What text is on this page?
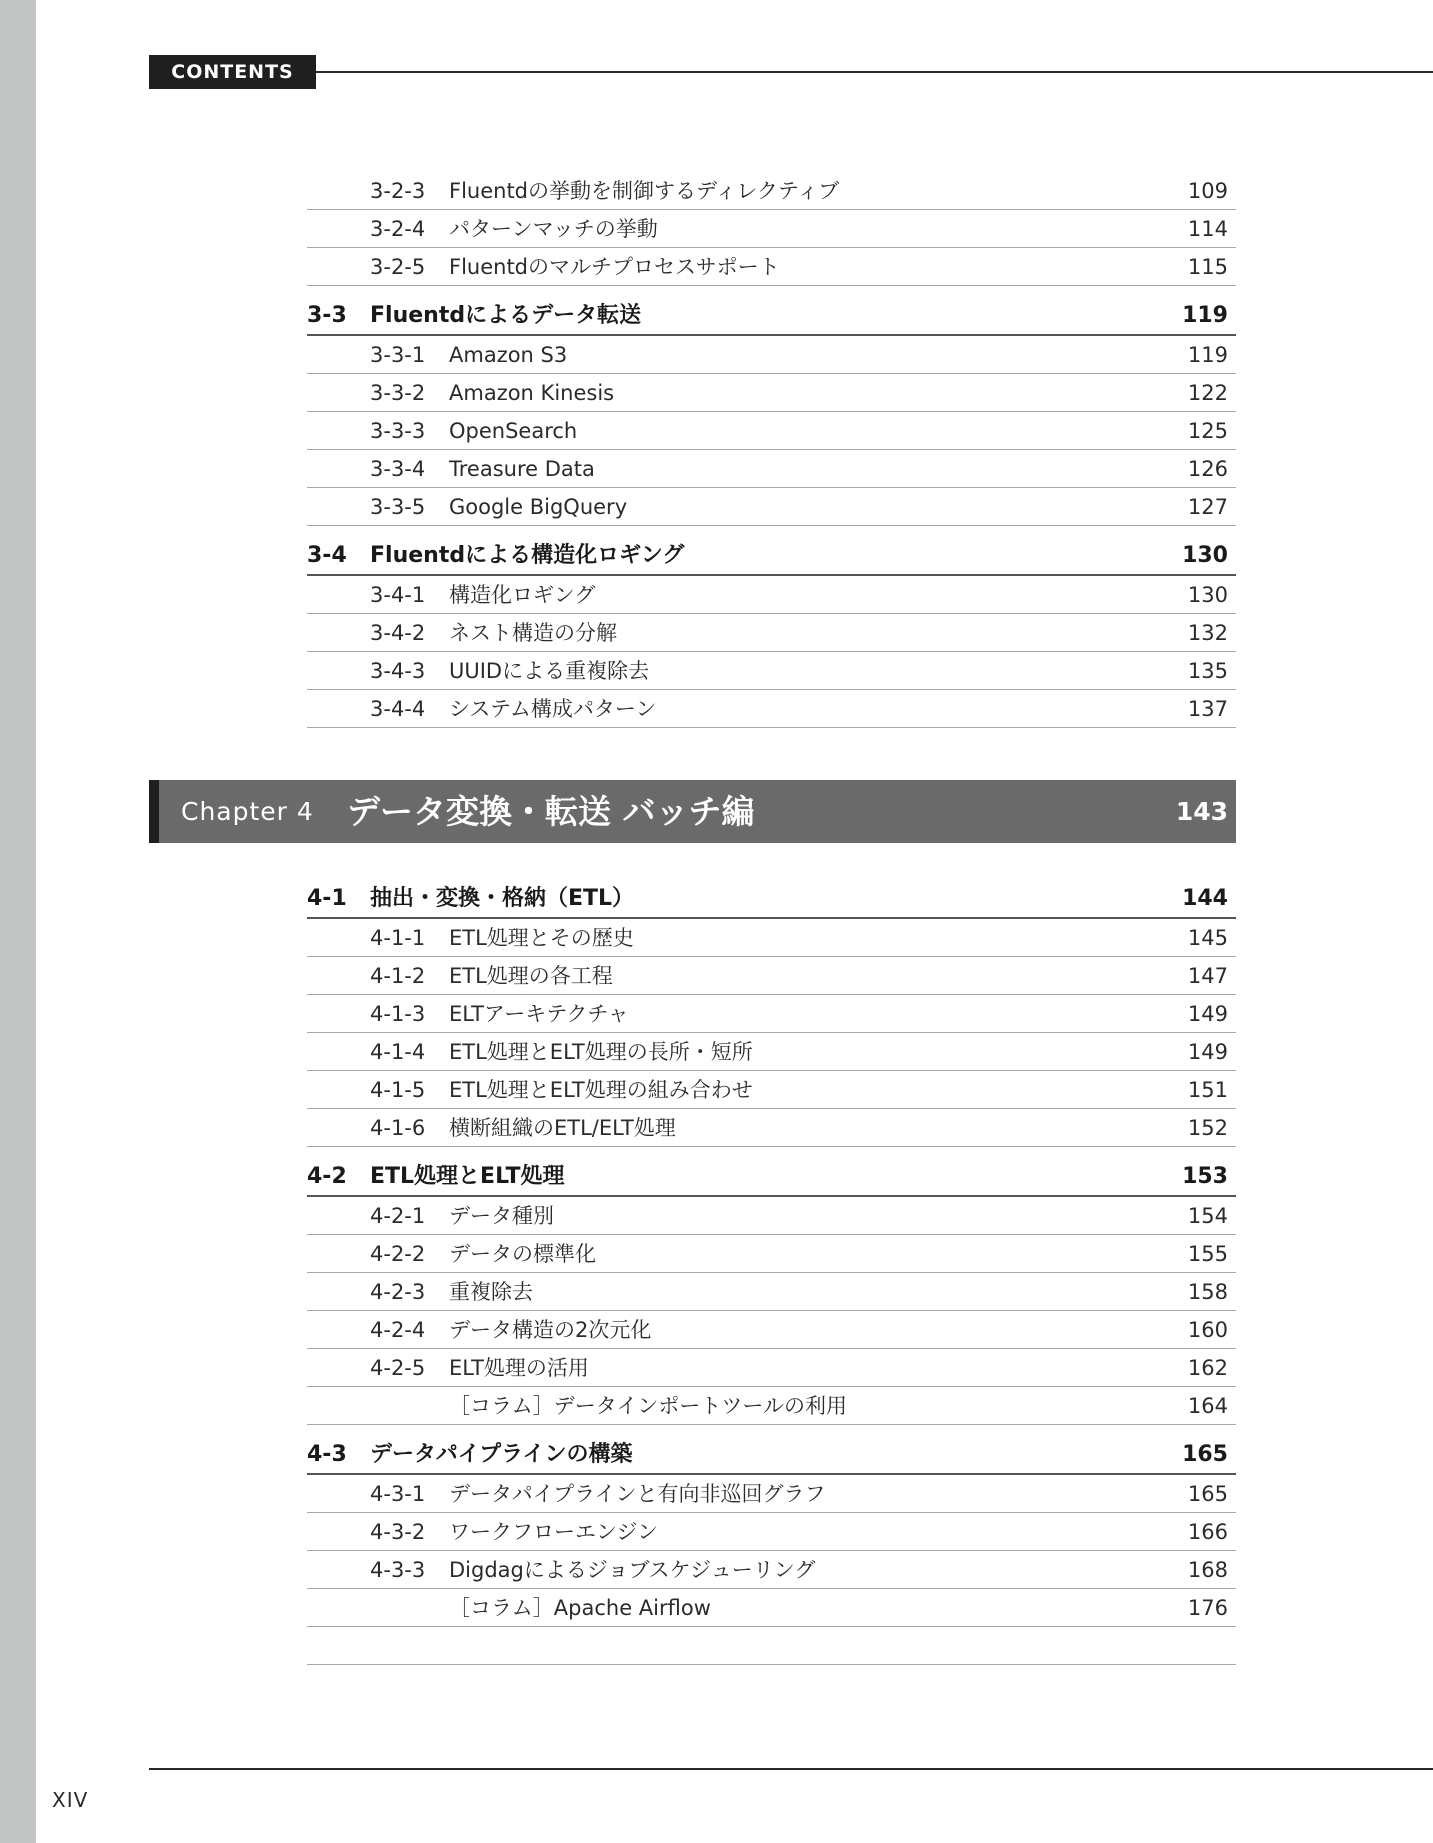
CONTENTS
3-2-3 Fluentdの挙動を制御するディレクティブ	109
3-2-4 パターンマッチの挙動	114
3-2-5 Fluentdのマルチプロセスサポート	115
3-3 Fluentdによるデータ転送	119
3-3-1 Amazon S3	119
3-3-2 Amazon Kinesis	122
3-3-3 OpenSearch	125
3-3-4 Treasure Data	126
3-3-5 Google BigQuery	127
3-4 Fluentdによる構造化ロギング	130
3-4-1 構造化ロギング	130
3-4-2 ネスト構造の分解	132
3-4-3 UUIDによる重複除去	135
3-4-4 システム構成パターン	137
Chapter 4 データ変換・転送 バッチ編	143
4-1 抽出・変換・格納（ETL）	144
4-1-1 ETL処理とその歴史	145
4-1-2 ETL処理の各工程	147
4-1-3 ELTアーキテクチャ	149
4-1-4 ETL処理とELT処理の長所・短所	149
4-1-5 ETL処理とELT処理の組み合わせ	151
4-1-6 横断組織のETL/ELT処理	152
4-2 ETL処理とELT処理	153
4-2-1 データ種別	154
4-2-2 データの標準化	155
4-2-3 重複除去	158
4-2-4 データ構造の2次元化	160
4-2-5 ELT処理の活用	162
［コラム］データインポートツールの利用	164
4-3 データパイプラインの構築	165
4-3-1 データパイプラインと有向非巡回グラフ	165
4-3-2 ワークフローエンジン	166
4-3-3 Digdagによるジョブスケジューリング	168
［コラム］Apache Airflow	176
XIV
